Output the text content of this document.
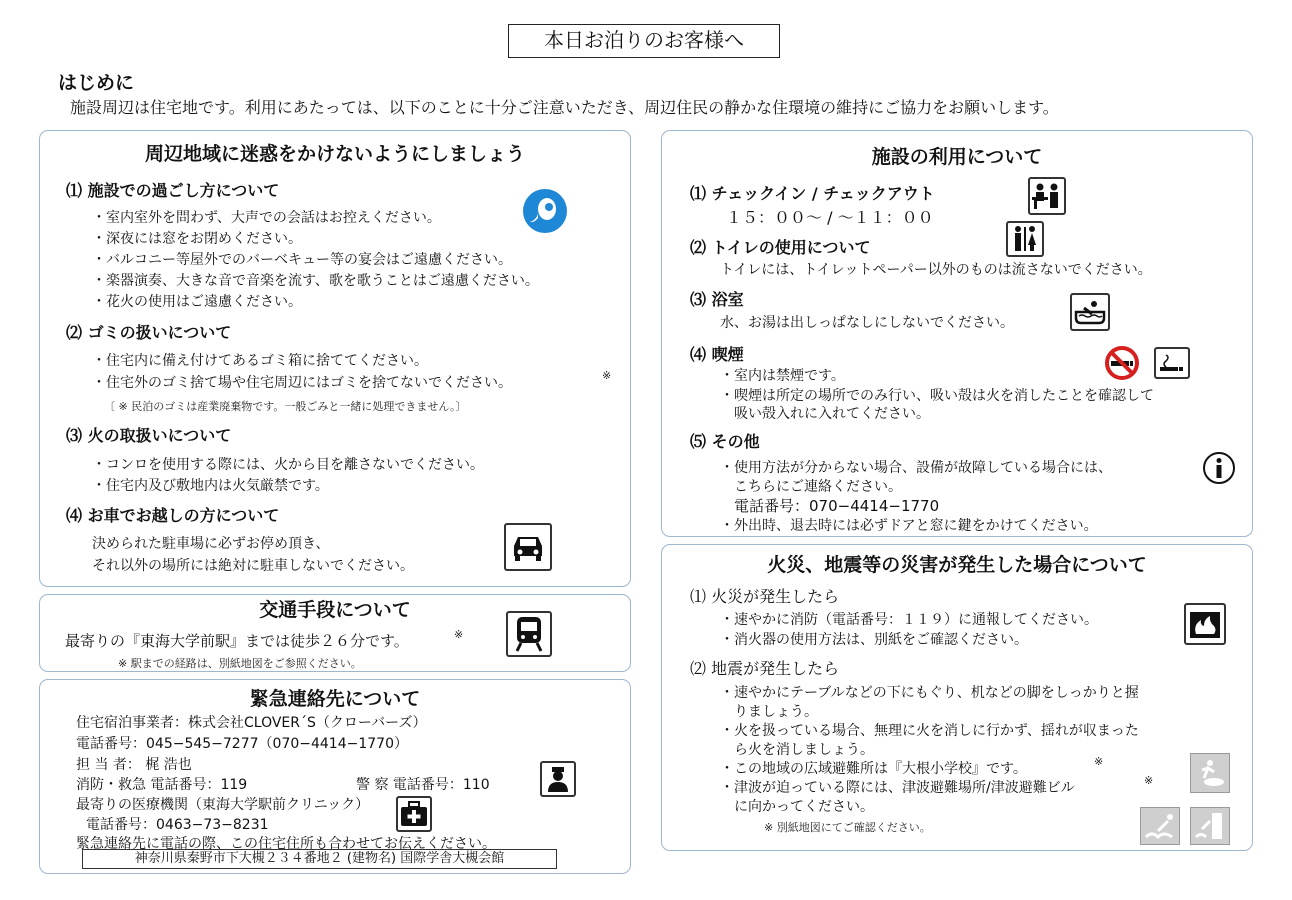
本日お泊りのお客様へ
はじめに
施設周辺は住宅地です。利用にあたっては、以下のことに十分ご注意いただき、周辺住民の静かな住環境の維持にご協力をお願いします。
周辺地域に迷惑をかけないようにしましょう
⑴ 施設での過ごし方について
・室内室外を問わず、大声での会話はお控えください。
・深夜には窓をお閉めください。
・バルコニー等屋外でのバーベキュー等の宴会はご遠慮ください。
・楽器演奏、大きな音で音楽を流す、歌を歌うことはご遠慮ください。
・花火の使用はご遠慮ください。
⑵ ゴミの扱いについて
・住宅内に備え付けてあるゴミ箱に捨ててください。
・住宅外のゴミ捨て場や住宅周辺にはゴミを捨てないでください。	※
〔 ※ 民泊のゴミは産業廃棄物です。一般ごみと一緒に処理できません。〕
⑶ 火の取扱いについて
・コンロを使用する際には、火から目を離さないでください。
・住宅内及び敷地内は火気厳禁です。
⑷ お車でお越しの方について
決められた駐車場に必ずお停め頂き、
それ以外の場所には絶対に駐車しないでください。
交通手段について
最寄りの『東海大学前駅』までは徒歩２６分です。	※
※ 駅までの経路は、別紙地図をご参照ください。
緊急連絡先について
住宅宿泊事業者：株式会社CLOVER´S（クローバーズ）
電話番号：045−545−7277（070−4414−1770）
担 当 者： 梶 浩也
消防・救急 電話番号：119	警 察 電話番号：110
最寄りの医療機関（東海大学駅前クリニック）
電話番号：0463−73−8231
緊急連絡先に電話の際、この住宅住所も合わせてお伝えください。
神奈川県秦野市下大槻２３４番地２ (建物名) 国際学舎大槻会館
施設の利用について
⑴ チェックイン / チェックアウト
１５：００～ / ～１１：００
⑵ トイレの使用について
トイレには、トイレットペーパー以外のものは流さないでください。
⑶ 浴室
水、お湯は出しっぱなしにしないでください。
⑷ 喫煙
・室内は禁煙です。
・喫煙は所定の場所でのみ行い、吸い殻は火を消したことを確認して
吸い殻入れに入れてください。
⑸ その他
・使用方法が分からない場合、設備が故障している場合には、
こちらにご連絡ください。
電話番号：070−4414−1770
・外出時、退去時には必ずドアと窓に鍵をかけてください。
火災、地震等の災害が発生した場合について
⑴ 火災が発生したら
・速やかに消防（電話番号：１１９）に通報してください。
・消火器の使用方法は、別紙をご確認ください。
⑵ 地震が発生したら
・速やかにテーブルなどの下にもぐり、机などの脚をしっかりと握
りましょう。
・火を扱っている場合、無理に火を消しに行かず、揺れが収まった
ら火を消しましょう。
・この地域の広域避難所は『大根小学校』です。	※
・津波が迫っている際には、津波避難場所/津波避難ビル	※
に向かってください。
※ 別紙地図にてご確認ください。
